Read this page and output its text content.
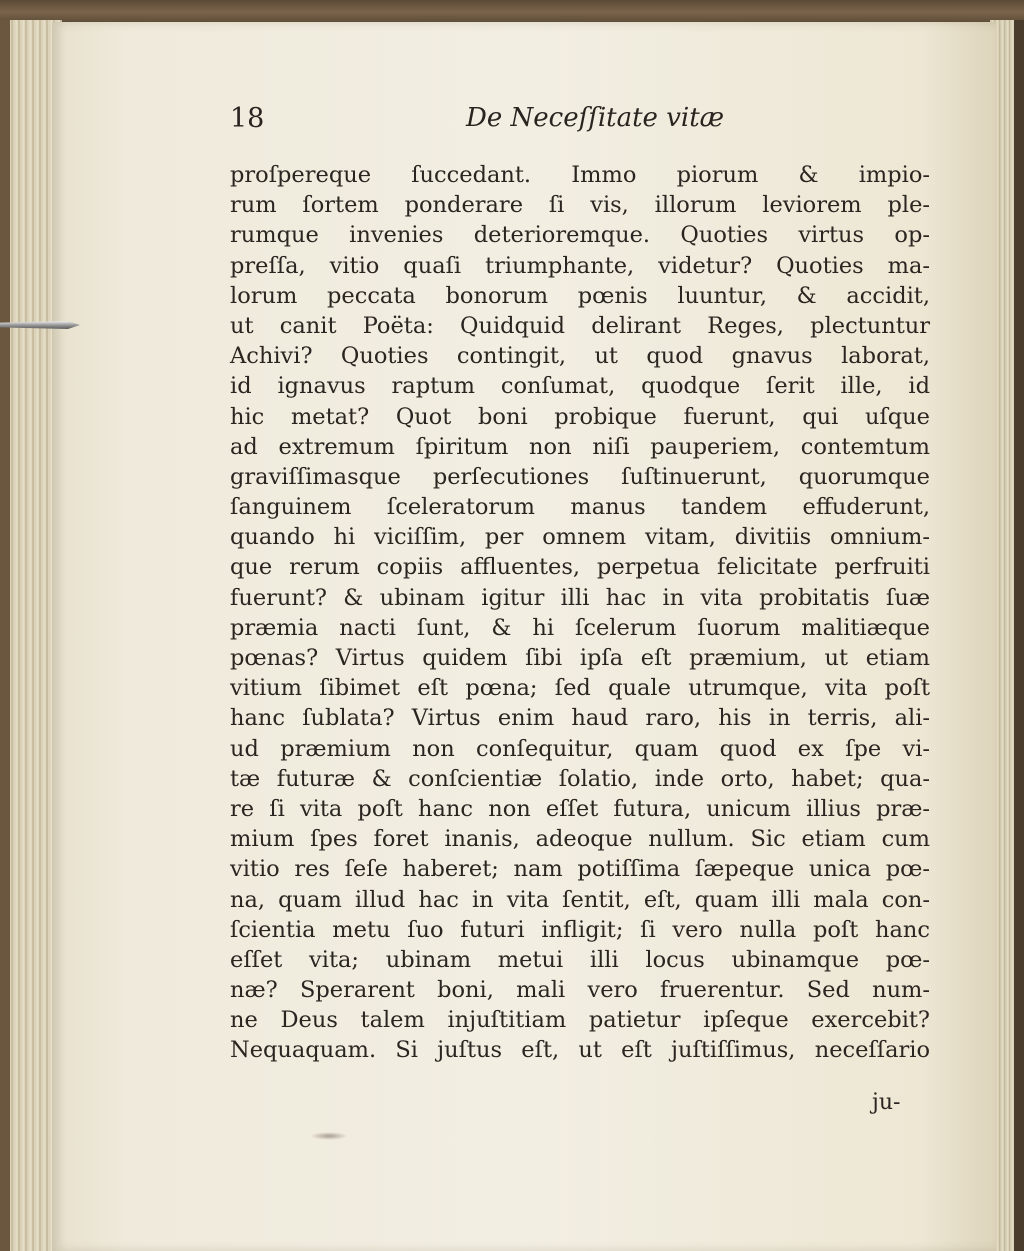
18	De Neceſſitate vitæ
proſpereque ſuccedant. Immo piorum & impio-
rum ſortem ponderare ſi vis, illorum leviorem ple-
rumque invenies deterioremque. Quoties virtus op-
preſſa, vitio quaſi triumphante, videtur? Quoties ma-
lorum peccata bonorum pœnis luuntur, & accidit,
ut canit Poëta: Quidquid delirant Reges, plectuntur
Achivi? Quoties contingit, ut quod gnavus laborat,
id ignavus raptum conſumat, quodque ſerit ille, id
hic metat? Quot boni probique fuerunt, qui uſque
ad extremum ſpiritum non niſi pauperiem, contemtum
graviſſimasque perſecutiones ſuſtinuerunt, quorumque
ſanguinem ſceleratorum manus tandem effuderunt,
quando hi viciſſim, per omnem vitam, divitiis omnium-
que rerum copiis affluentes, perpetua felicitate perfruiti
fuerunt? & ubinam igitur illi hac in vita probitatis ſuæ
præmia nacti ſunt, & hi ſcelerum ſuorum malitiæque
pœnas? Virtus quidem ſibi ipſa eſt præmium, ut etiam
vitium ſibimet eſt pœna; ſed quale utrumque, vita poſt
hanc ſublata? Virtus enim haud raro, his in terris, ali-
ud præmium non conſequitur, quam quod ex ſpe vi-
tæ futuræ & conſcientiæ ſolatio, inde orto, habet; qua-
re ſi vita poſt hanc non eſſet futura, unicum illius præ-
mium ſpes foret inanis, adeoque nullum. Sic etiam cum
vitio res ſeſe haberet; nam potiſſima ſæpeque unica pœ-
na, quam illud hac in vita ſentit, eſt, quam illi mala con-
ſcientia metu ſuo futuri infligit; ſi vero nulla poſt hanc
eſſet vita; ubinam metui illi locus ubinamque pœ-
næ? Sperarent boni, mali vero fruerentur. Sed num-
ne Deus talem injuſtitiam patietur ipſeque exercebit?
Nequaquam. Si juſtus eſt, ut eſt juſtiſſimus, neceſſario
ju-
